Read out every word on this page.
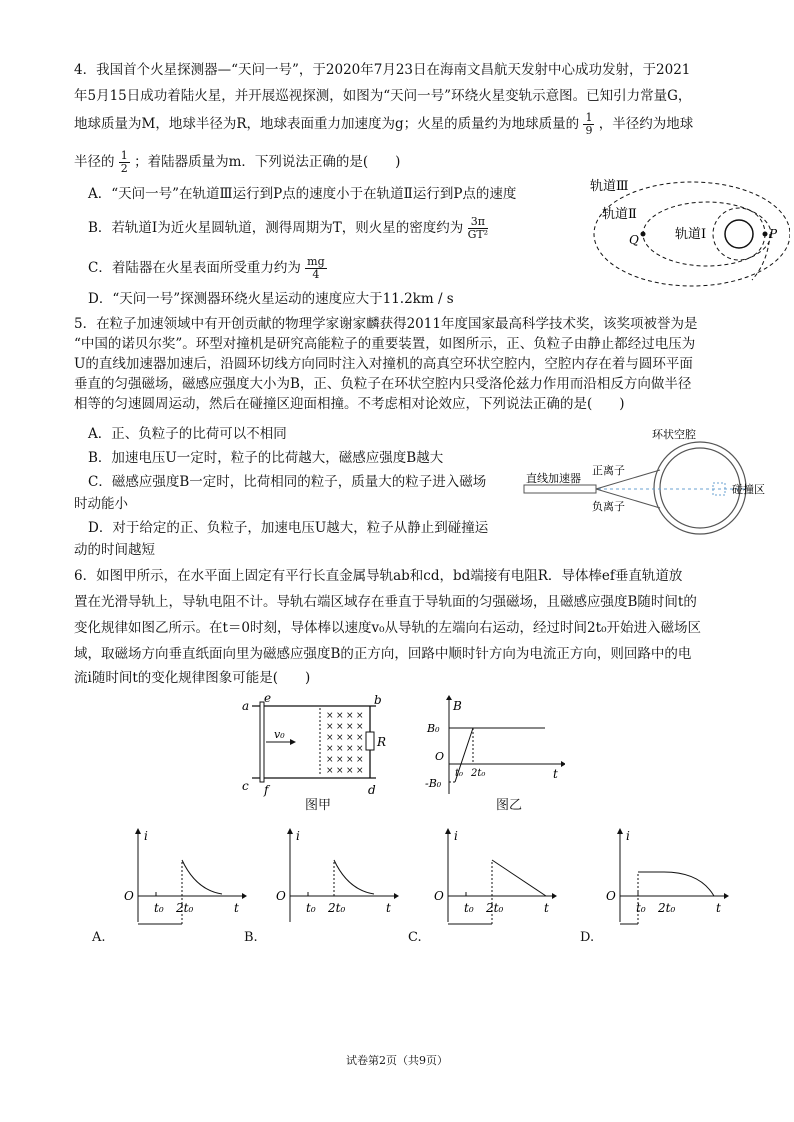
4．我国首个火星探测器—“天问一号”，于2020年7月23日在海南文昌航天发射中心成功发射，于2021
年5月15日成功着陆火星，并开展巡视探测，如图为“天问一号”环绕火星变轨示意图。已知引力常量G，
地球质量为M，地球半径为R，地球表面重力加速度为g；火星的质量约为地球质量的 $\frac{1}{9}$ ，半径约为地球
半径的 $\frac{1}{2}$ ；着陆器质量为m．下列说法正确的是(　　)
A．“天问一号”在轨道Ⅲ运行到P点的速度小于在轨道Ⅱ运行到P点的速度
B．若轨道Ⅰ为近火星圆轨道，测得周期为T，则火星的密度约为 $\frac{3\pi}{\text{GT²}}$
C．着陆器在火星表面所受重力约为 $\frac{mg}{4}$
D．“天问一号”探测器环绕火星运动的速度应大于11.2km / s
轨道Ⅲ
轨道Ⅱ
轨道Ⅰ
Q	P
5．在粒子加速领域中有开创贡献的物理学家谢家麟获得2011年度国家最高科学技术奖，该奖项被誉为是
“中国的诺贝尔奖”。环型对撞机是研究高能粒子的重要装置，如图所示，正、负粒子由静止都经过电压为
U的直线加速器加速后，沿圆环切线方向同时注入对撞机的高真空环状空腔内，空腔内存在着与圆环平面
垂直的匀强磁场，磁感应强度大小为B，正、负粒子在环状空腔内只受洛伦兹力作用而沿相反方向做半径
相等的匀速圆周运动，然后在碰撞区迎面相撞。不考虑相对论效应，下列说法正确的是(　　)
A．正、负粒子的比荷可以不相同
B．加速电压U一定时，粒子的比荷越大，磁感应强度B越大
C．磁感应强度B一定时，比荷相同的粒子，质量大的粒子进入磁场
时动能小
D．对于给定的正、负粒子，加速电压U越大，粒子从静止到碰撞运
动的时间越短
环状空腔
正离子
负离子
直线加速器
碰撞区
6．如图甲所示，在水平面上固定有平行长直金属导轨ab和cd，bd端接有电阻R．导体棒ef垂直轨道放
置在光滑导轨上，导轨电阻不计。导轨右端区域存在垂直于导轨面的匀强磁场，且磁感应强度B随时间t的
变化规律如图乙所示。在t＝0时刻，导体棒以速度v₀从导轨的左端向右运动，经过时间2t₀开始进入磁场区
域，取磁场方向垂直纸面向里为磁感应强度B的正方向，回路中顺时针方向为电流正方向，则回路中的电
流i随时间t的变化规律图象可能是(　　)
× × × ×
× × × ×
× × × ×
× × × ×
× × × ×
× × × ×
a	b
c	d
e
f
v₀
R
图甲
B
B₀
-B₀
O
t₀ 2t₀	t
图乙
i
O
t₀ 2t₀	t
i
O
t₀ 2t₀	t
i
O
t₀ 2t₀	t
i
O
t₀ 2t₀	t
A.	B.	C.	D.
试卷第2页（共9页）
